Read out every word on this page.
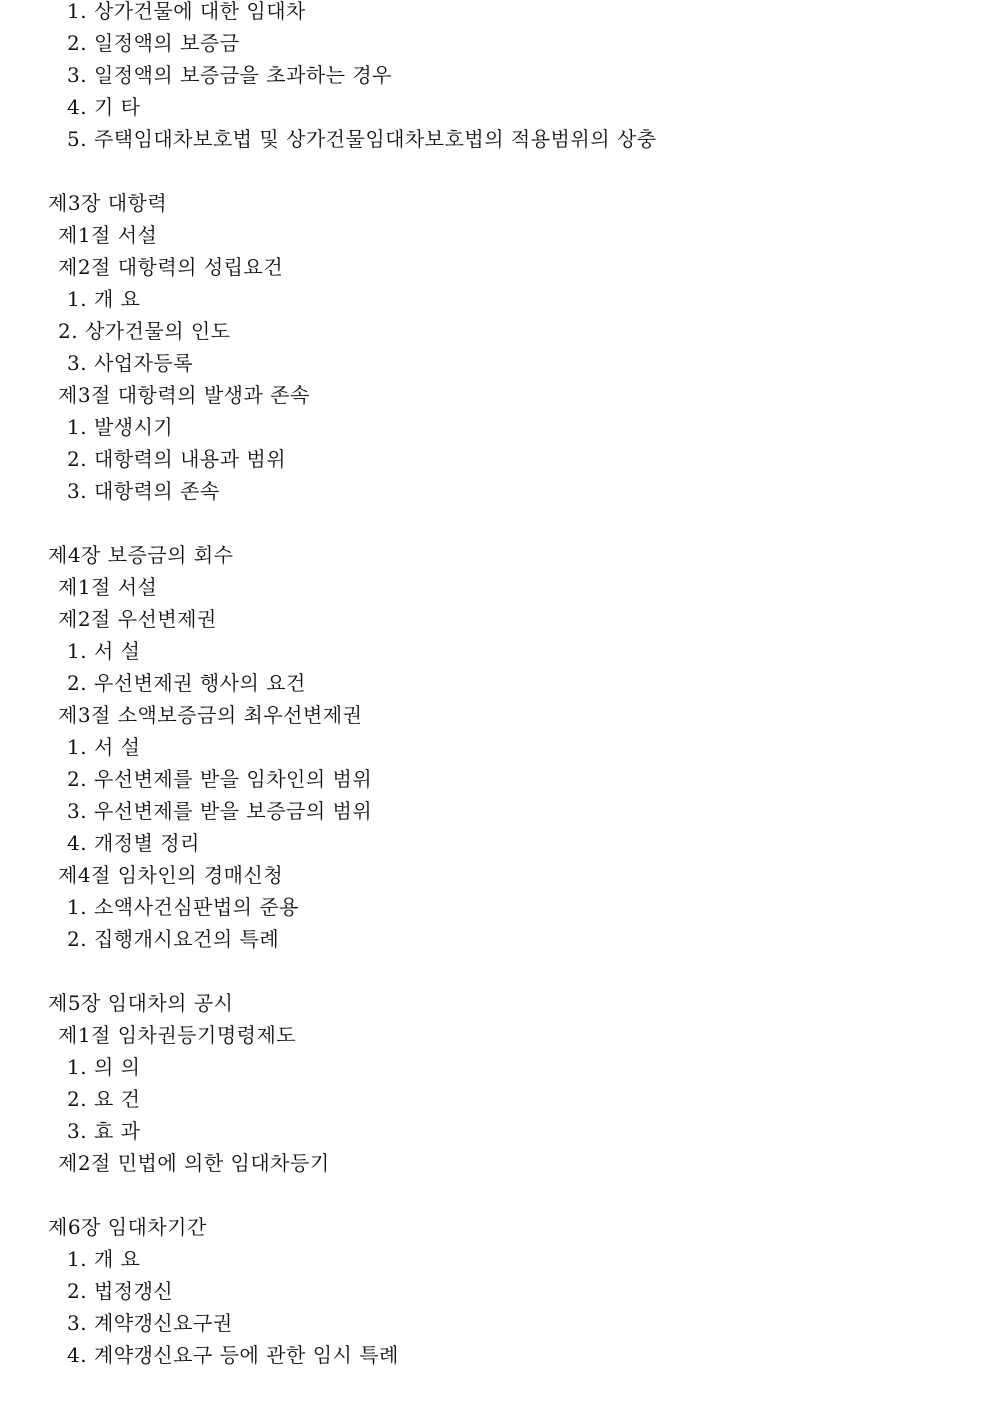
1. 상가건물에 대한 임대차
2. 일정액의 보증금
3. 일정액의 보증금을 초과하는 경우
4. 기 타
5. 주택임대차보호법 및 상가건물임대차보호법의 적용범위의 상충
제3장 대항력
제1절 서설
제2절 대항력의 성립요건
1. 개 요
2. 상가건물의 인도
3. 사업자등록
제3절 대항력의 발생과 존속
1. 발생시기
2. 대항력의 내용과 범위
3. 대항력의 존속
제4장 보증금의 회수
제1절 서설
제2절 우선변제권
1. 서 설
2. 우선변제권 행사의 요건
제3절 소액보증금의 최우선변제권
1. 서 설
2. 우선변제를 받을 임차인의 범위
3. 우선변제를 받을 보증금의 범위
4. 개정별 정리
제4절 임차인의 경매신청
1. 소액사건심판법의 준용
2. 집행개시요건의 특례
제5장 임대차의 공시
제1절 임차권등기명령제도
1. 의 의
2. 요 건
3. 효 과
제2절 민법에 의한 임대차등기
제6장 임대차기간
1. 개 요
2. 법정갱신
3. 계약갱신요구권
4. 계약갱신요구 등에 관한 임시 특례
